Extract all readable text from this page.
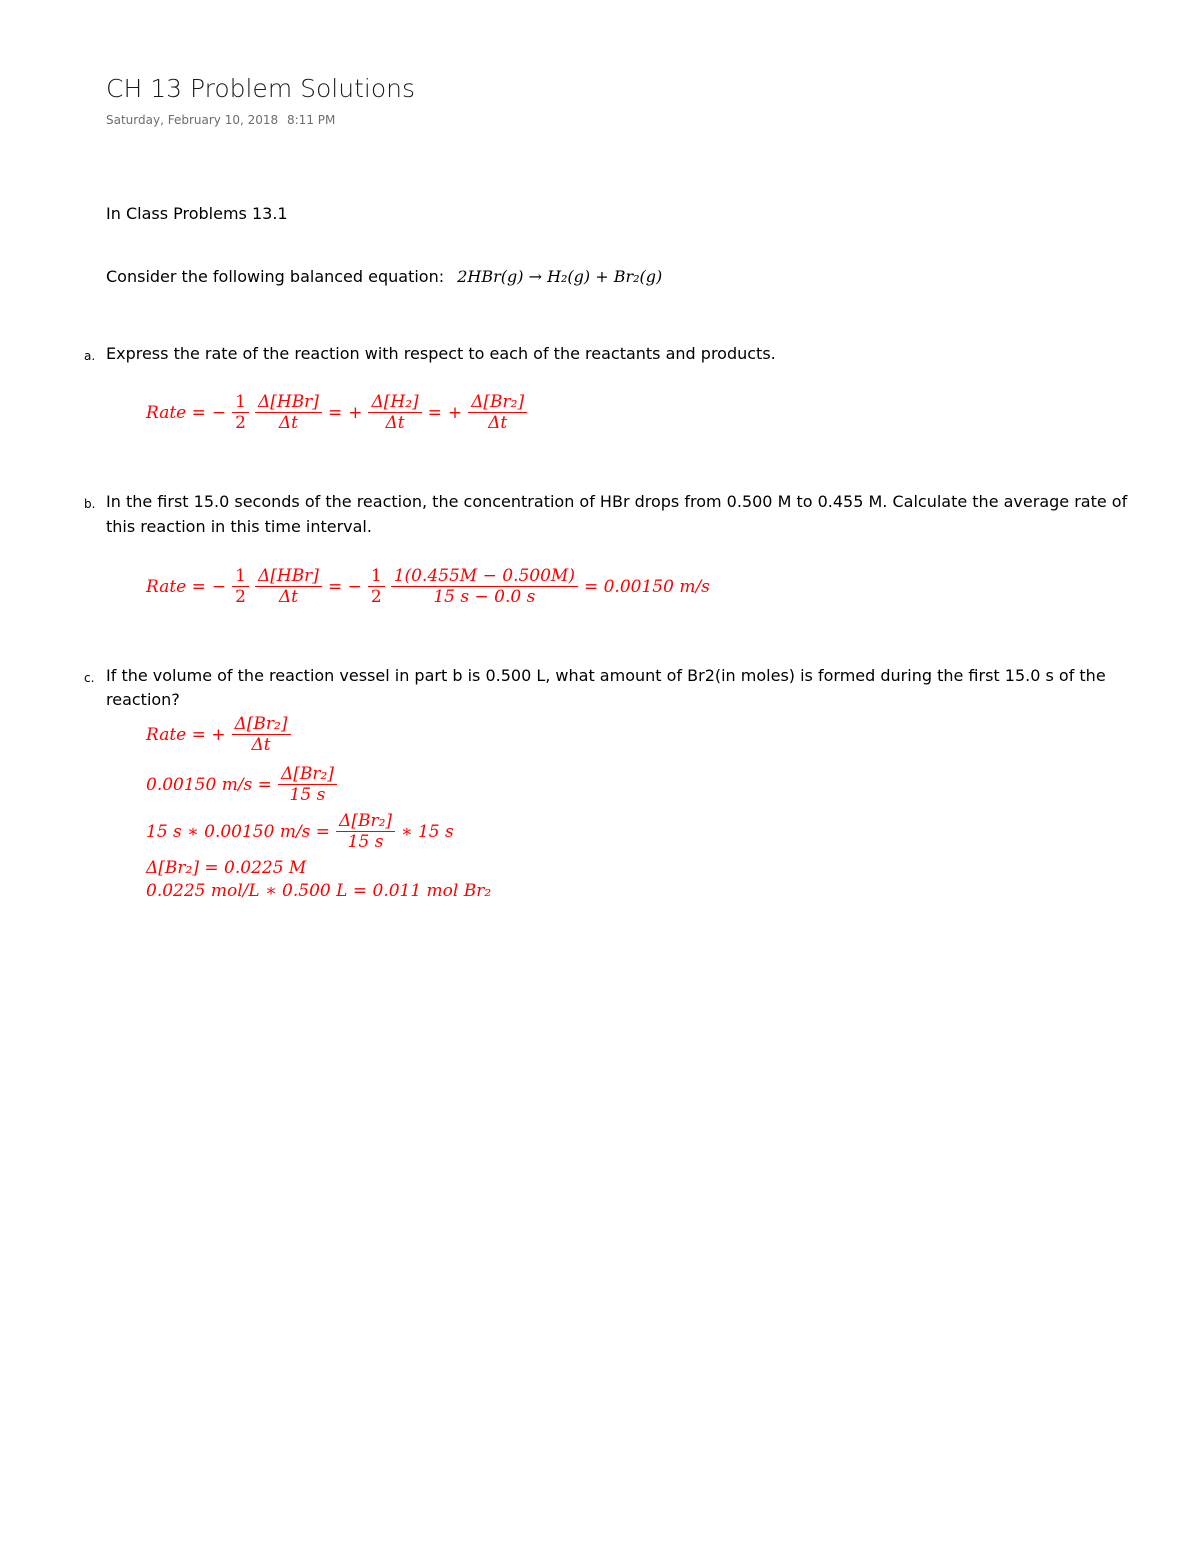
CH 13 Problem Solutions
Saturday, February 10, 2018 8:11 PM
In Class Problems 13.1
Consider the following balanced equation: 2HBr(g) → H₂(g) + Br₂(g)
a. Express the rate of the reaction with respect to each of the reactants and products.
Rate = − $\frac{1}{2} \frac{\text{Δ[HBr]}}{\Delta t}$ = + $\frac{\text{Δ[H₂]}}{\Delta t}$ = + $\frac{\text{Δ[Br₂]}}{\Delta t}$
b. In the first 15.0 seconds of the reaction, the concentration of HBr drops from 0.500 M to 0.455 M. Calculate the average rate of
this reaction in this time interval.
Rate = − $\frac{1}{2} \frac{\text{Δ[HBr]}}{\Delta t}$ = − $\frac{1}{2} \frac{1(0.455M - 0.500M)}{15 s - 0.0 s} = 0.00150$ m/s
c. If the volume of the reaction vessel in part b is 0.500 L, what amount of Br2(in moles) is formed during the first 15.0 s of the
reaction?
Rate = + $\frac{\text{Δ[Br₂]}}{\Delta t}$
0.00150 $m/s = \frac{\text{Δ[Br₂]}}{15 s}$
15 s ∗ 0.00150 $m/s = \frac{\text{Δ[Br₂]}}{15 s}$ ∗ 15 s
Δ[Br₂] = 0.0225 M
0.0225 mol/L ∗ 0.500 L = 0.011 mol Br₂
